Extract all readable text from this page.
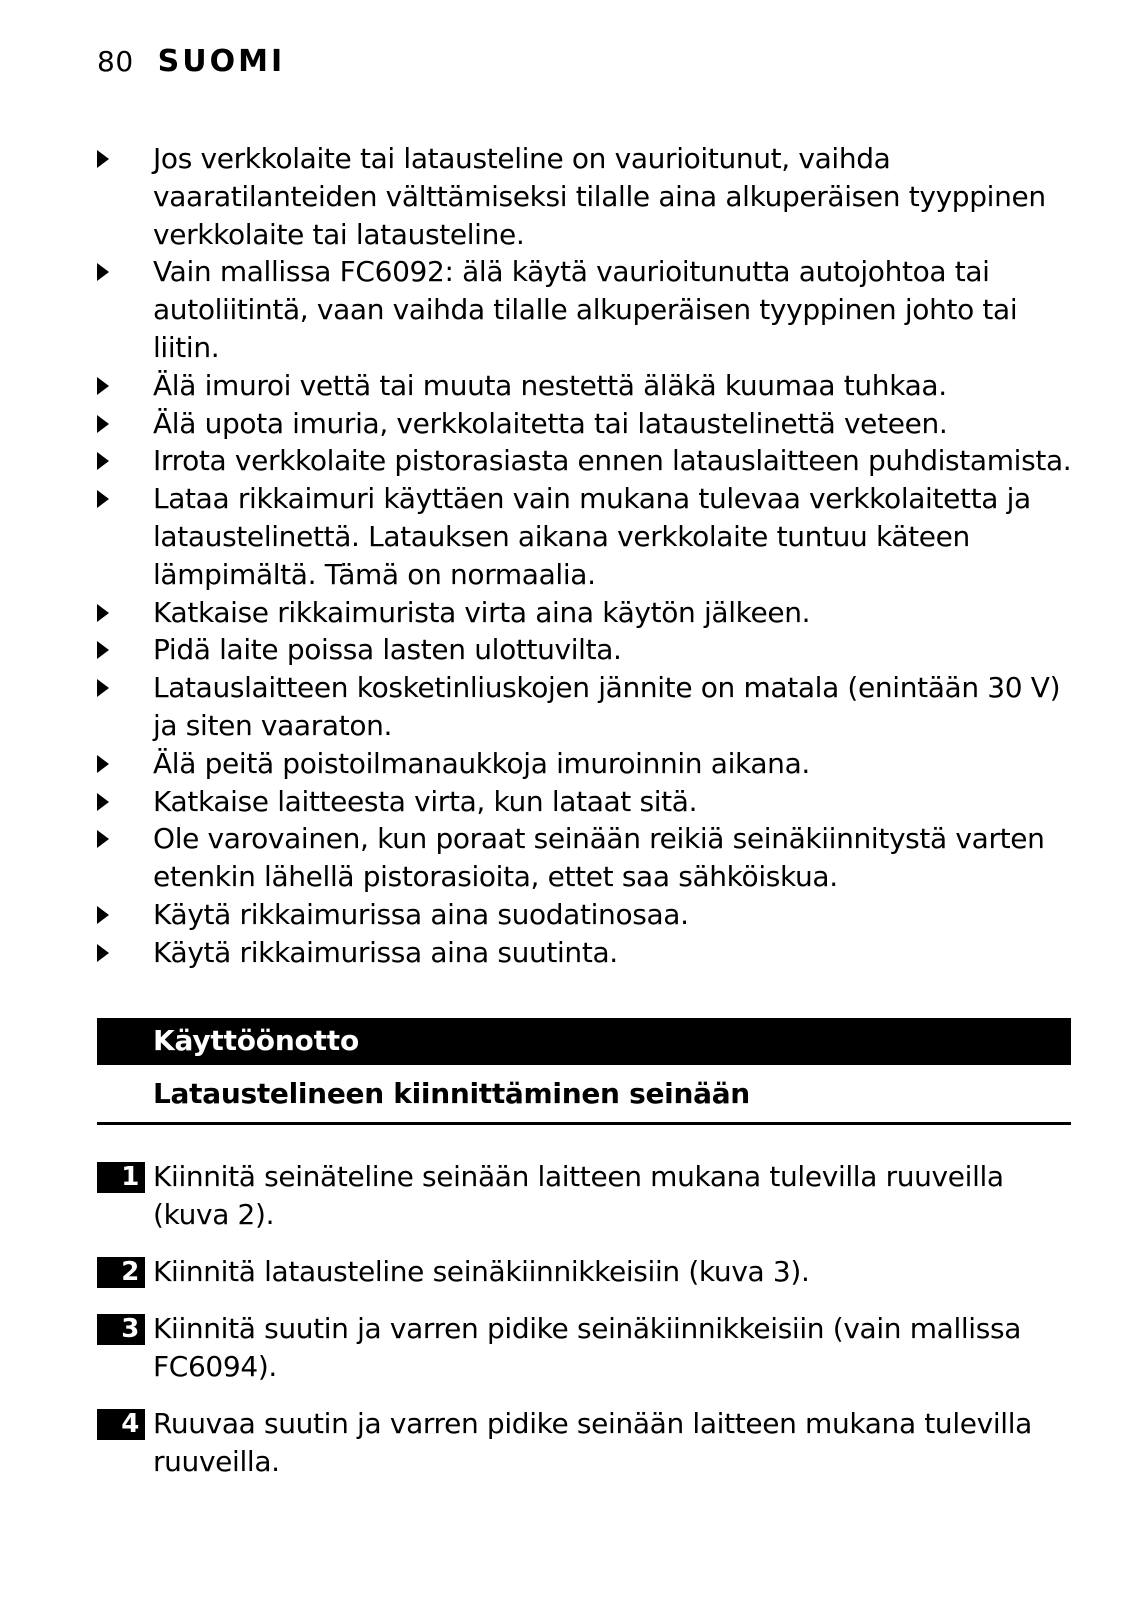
80 SUOMI
Jos verkkolaite tai latausteline on vaurioitunut, vaihda vaaratilanteiden välttämiseksi tilalle aina alkuperäisen tyyppinen verkkolaite tai latausteline.
Vain mallissa FC6092: älä käytä vaurioitunutta autojohtoa tai autoliitintä, vaan vaihda tilalle alkuperäisen tyyppinen johto tai liitin.
Älä imuroi vettä tai muuta nestettä äläkä kuumaa tuhkaa.
Älä upota imuria, verkkolaitetta tai lataustelinettä veteen.
Irrota verkkolaite pistorasiasta ennen latauslaitteen puhdistamista.
Lataa rikkaimuri käyttäen vain mukana tulevaa verkkolaitetta ja lataustelinettä. Latauksen aikana verkkolaite tuntuu käteen lämpimältä. Tämä on normaalia.
Katkaise rikkaimurista virta aina käytön jälkeen.
Pidä laite poissa lasten ulottuvilta.
Latauslaitteen kosketinliuskojen jännite on matala (enintään 30 V) ja siten vaaraton.
Älä peitä poistoilmanaukkoja imuroinnin aikana.
Katkaise laitteesta virta, kun lataat sitä.
Ole varovainen, kun poraat seinään reikiä seinäkiinnitystä varten etenkin lähellä pistorasioita, ettet saa sähköiskua.
Käytä rikkaimurissa aina suodatinosaa.
Käytä rikkaimurissa aina suutinta.
Käyttöönotto
Lataustelineen kiinnittäminen seinään
1 Kiinnitä seinäteline seinään laitteen mukana tulevilla ruuveilla (kuva 2).
2 Kiinnitä latausteline seinäkiinnikkeisiin (kuva 3).
3 Kiinnitä suutin ja varren pidike seinäkiinnikkeisiin (vain mallissa FC6094).
4 Ruuvaa suutin ja varren pidike seinään laitteen mukana tulevilla ruuveilla.
